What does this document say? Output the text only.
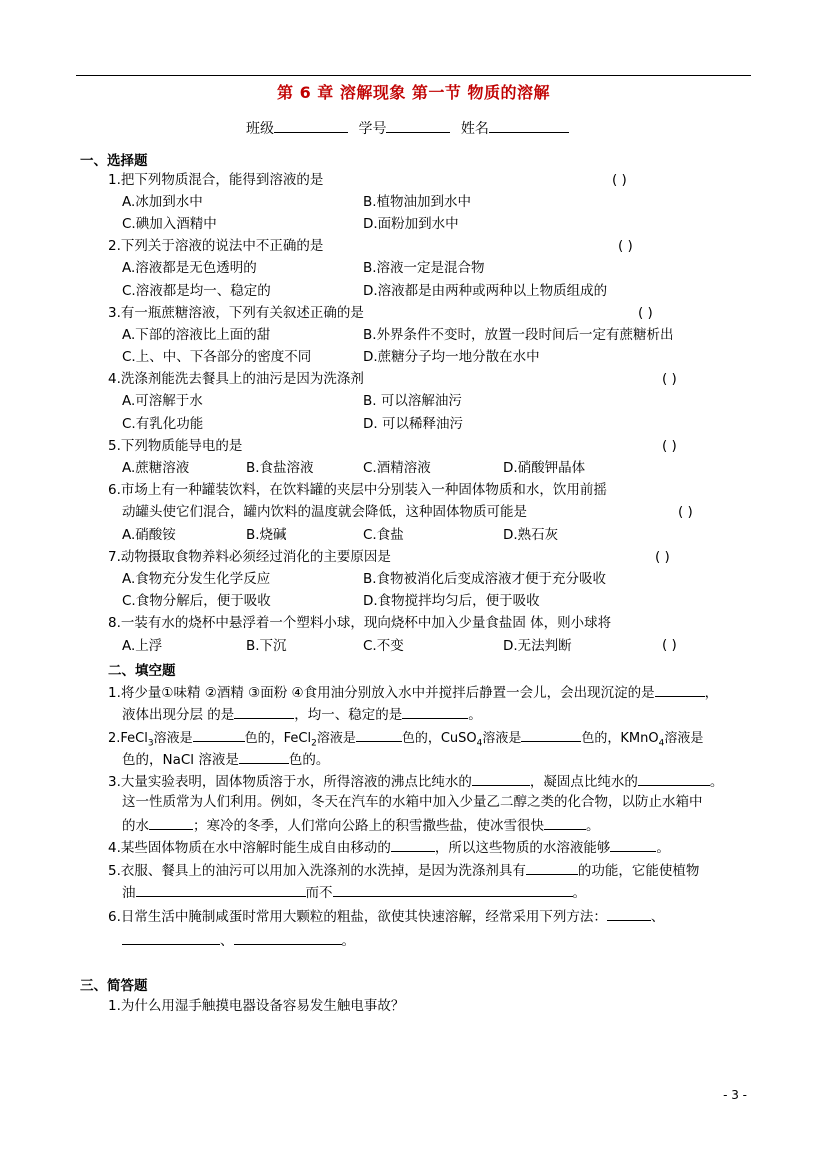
第 6 章 溶解现象 第一节 物质的溶解
班级	学号	姓名
一、选择题
1.把下列物质混合，能得到溶液的是	( )
A.冰加到水中	B.植物油加到水中
C.碘加入酒精中	D.面粉加到水中
2.下列关于溶液的说法中不正确的是	( )
A.溶液都是无色透明的	B.溶液一定是混合物
C.溶液都是均一、稳定的	D.溶液都是由两种或两种以上物质组成的
3.有一瓶蔗糖溶液，下列有关叙述正确的是	( )
A.下部的溶液比上面的甜	B.外界条件不变时，放置一段时间后一定有蔗糖析出
C.上、中、下各部分的密度不同	D.蔗糖分子均一地分散在水中
4.洗涤剂能洗去餐具上的油污是因为洗涤剂	( )
A.可溶解于水	B. 可以溶解油污
C.有乳化功能	D. 可以稀释油污
5.下列物质能导电的是	( )
A.蔗糖溶液	B.食盐溶液	C.酒精溶液	D.硝酸钾晶体
6.市场上有一种罐装饮料，在饮料罐的夹层中分别装入一种固体物质和水，饮用前摇
动罐头使它们混合，罐内饮料的温度就会降低，这种固体物质可能是	( )
A.硝酸铵	B.烧碱	C.食盐	D.熟石灰
7.动物摄取食物养料必须经过消化的主要原因是	( )
A.食物充分发生化学反应	B.食物被消化后变成溶液才便于充分吸收
C.食物分解后，便于吸收	D.食物搅拌均匀后，便于吸收
8.一装有水的烧杯中悬浮着一个塑料小球，现向烧杯中加入少量食盐固 体，则小球将
( )
A.上浮	B.下沉	C.不变	D.无法判断
二、填空题
1.将少量①味精 ②酒精 ③面粉 ④食用油分别放入水中并搅拌后静置一会儿，会出现沉淀的是	，
液体出现分层 的是	，均一、稳定的是	。
2.FeCl$_3$溶液是	色的，FeCl$_2$溶液是	色的，CuSO$_4$溶液是	色的，KMnO$_4$溶液是
色的，NaCl 溶液是	色的。
3.大量实验表明，固体物质溶于水，所得溶液的沸点比纯水的	，凝固点比纯水的	。
这一性质常为人们利用。例如，冬天在汽车的水箱中加入少量乙二醇之类的化合物，以防止水箱中
的水	；寒冷的冬季，人们常向公路上的积雪撒些盐，使冰雪很快	。
4.某些固体物质在水中溶解时能生成自由移动的	，所以这些物质的水溶液能够	。
5.衣服、餐具上的油污可以用加入洗涤剂的水洗掉，是因为洗涤剂具有	的功能，它能使植物
油	而不	。
6.日常生活中腌制咸蛋时常用大颗粒的粗盐，欲使其快速溶解，经常采用下列方法：	、
、	。
三、简答题
1.为什么用湿手触摸电器设备容易发生触电事故？
- 3 -
